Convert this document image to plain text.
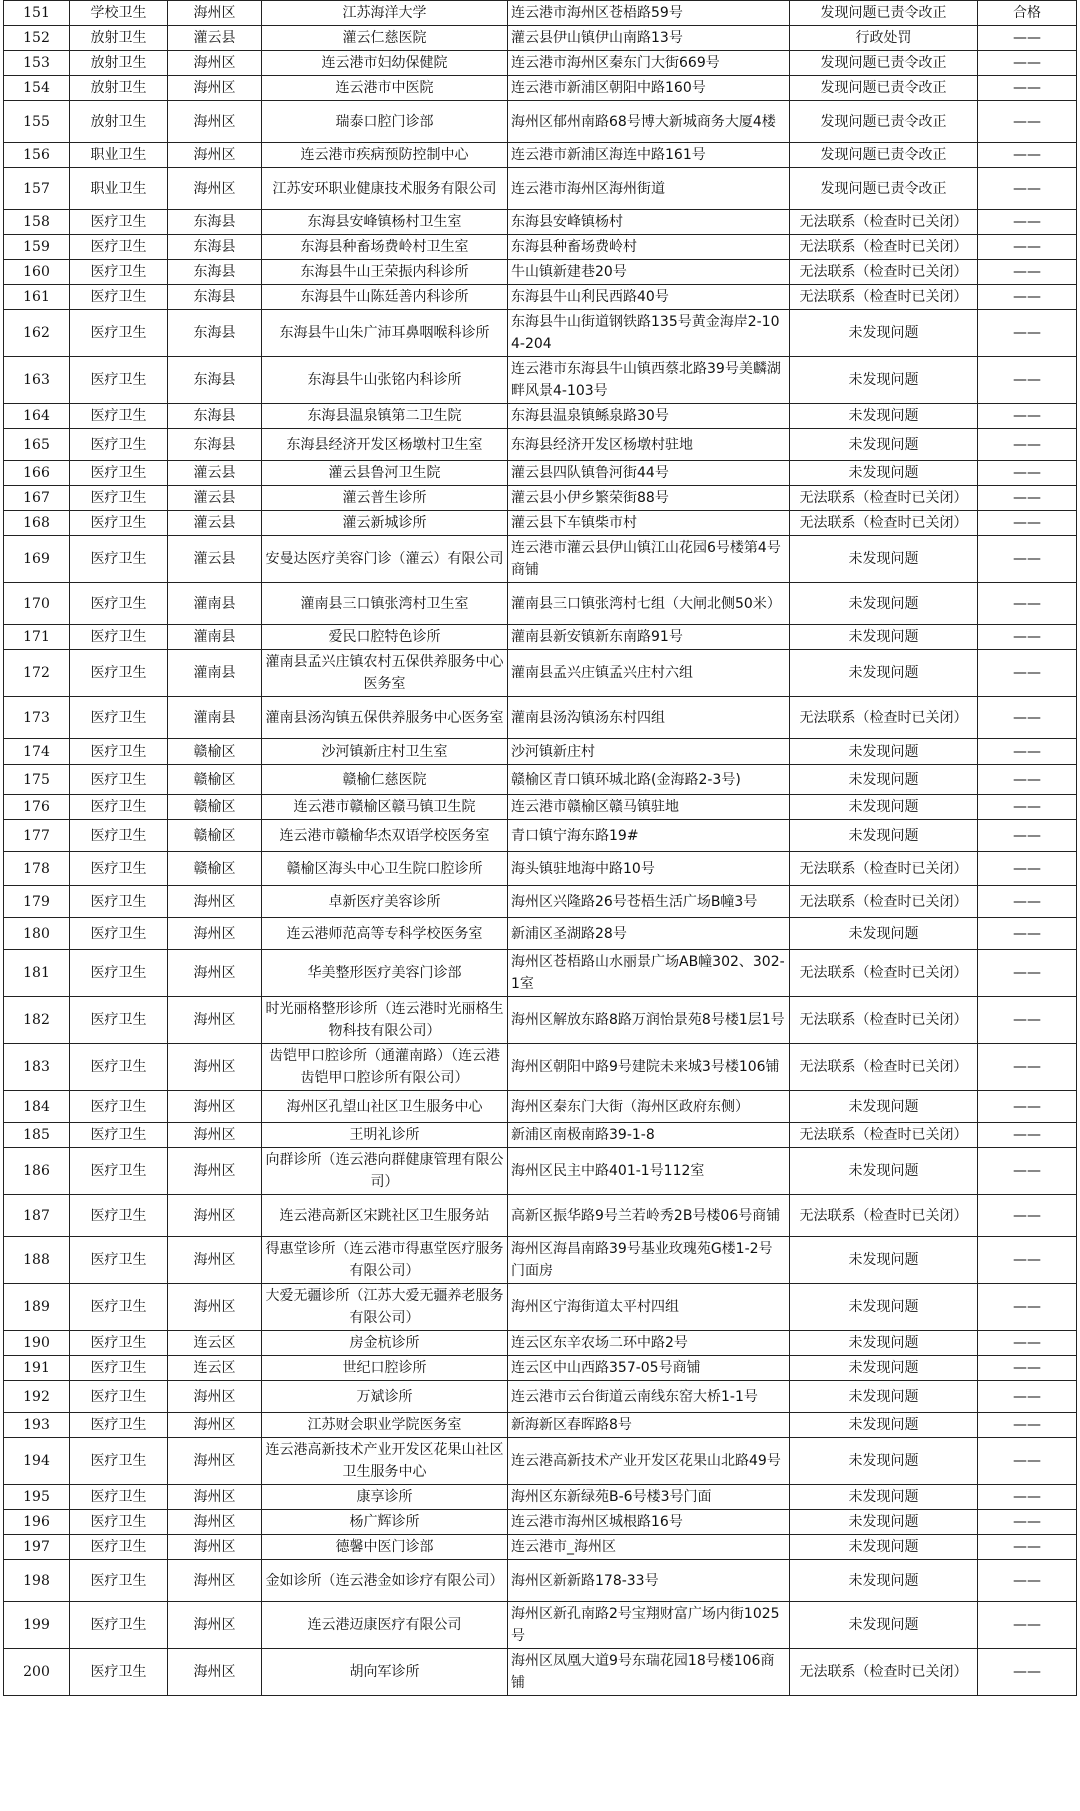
151	学校卫生	海州区	江苏海洋大学	连云港市海州区苍梧路59号	发现问题已责令改正	合格
152	放射卫生	灌云县	灌云仁慈医院	灌云县伊山镇伊山南路13号	行政处罚	——
153	放射卫生	海州区	连云港市妇幼保健院	连云港市海州区秦东门大街669号	发现问题已责令改正	——
154	放射卫生	海州区	连云港市中医院	连云港市新浦区朝阳中路160号	发现问题已责令改正	——
155	放射卫生	海州区	瑞泰口腔门诊部	海州区郁州南路68号博大新城商务大厦4楼	发现问题已责令改正	——
156	职业卫生	海州区	连云港市疾病预防控制中心	连云港市新浦区海连中路161号	发现问题已责令改正	——
157	职业卫生	海州区	江苏安环职业健康技术服务有限公司	连云港市海州区海州街道	发现问题已责令改正	——
158	医疗卫生	东海县	东海县安峰镇杨村卫生室	东海县安峰镇杨村	无法联系（检查时已关闭）	——
159	医疗卫生	东海县	东海县种畜场费岭村卫生室	东海县种畜场费岭村	无法联系（检查时已关闭）	——
160	医疗卫生	东海县	东海县牛山王荣振内科诊所	牛山镇新建巷20号	无法联系（检查时已关闭）	——
161	医疗卫生	东海县	东海县牛山陈廷善内科诊所	东海县牛山利民西路40号	无法联系（检查时已关闭）	——
162	医疗卫生	东海县	东海县牛山朱广沛耳鼻咽喉科诊所	东海县牛山街道钢铁路135号黄金海岸2-104-204	未发现问题	——
163	医疗卫生	东海县	东海县牛山张铭内科诊所	连云港市东海县牛山镇西蔡北路39号美麟湖畔风景4-103号	未发现问题	——
164	医疗卫生	东海县	东海县温泉镇第二卫生院	东海县温泉镇鲧泉路30号	未发现问题	——
165	医疗卫生	东海县	东海县经济开发区杨墩村卫生室	东海县经济开发区杨墩村驻地	未发现问题	——
166	医疗卫生	灌云县	灌云县鲁河卫生院	灌云县四队镇鲁河街44号	未发现问题	——
167	医疗卫生	灌云县	灌云普生诊所	灌云县小伊乡繁荣街88号	无法联系（检查时已关闭）	——
168	医疗卫生	灌云县	灌云新城诊所	灌云县下车镇柴市村	无法联系（检查时已关闭）	——
169	医疗卫生	灌云县	安曼达医疗美容门诊（灌云）有限公司	连云港市灌云县伊山镇江山花园6号楼第4号商铺	未发现问题	——
170	医疗卫生	灌南县	灌南县三口镇张湾村卫生室	灌南县三口镇张湾村七组（大闸北侧50米）	未发现问题	——
171	医疗卫生	灌南县	爱民口腔特色诊所	灌南县新安镇新东南路91号	未发现问题	——
172	医疗卫生	灌南县	灌南县孟兴庄镇农村五保供养服务中心医务室	灌南县孟兴庄镇孟兴庄村六组	未发现问题	——
173	医疗卫生	灌南县	灌南县汤沟镇五保供养服务中心医务室	灌南县汤沟镇汤东村四组	无法联系（检查时已关闭）	——
174	医疗卫生	赣榆区	沙河镇新庄村卫生室	沙河镇新庄村	未发现问题	——
175	医疗卫生	赣榆区	赣榆仁慈医院	赣榆区青口镇环城北路(金海路2-3号)	未发现问题	——
176	医疗卫生	赣榆区	连云港市赣榆区赣马镇卫生院	连云港市赣榆区赣马镇驻地	未发现问题	——
177	医疗卫生	赣榆区	连云港市赣榆华杰双语学校医务室	青口镇宁海东路19#	未发现问题	——
178	医疗卫生	赣榆区	赣榆区海头中心卫生院口腔诊所	海头镇驻地海中路10号	无法联系（检查时已关闭）	——
179	医疗卫生	海州区	卓新医疗美容诊所	海州区兴隆路26号苍梧生活广场B幢3号	无法联系（检查时已关闭）	——
180	医疗卫生	海州区	连云港师范高等专科学校医务室	新浦区圣湖路28号	未发现问题	——
181	医疗卫生	海州区	华美整形医疗美容门诊部	海州区苍梧路山水丽景广场AB幢302、302-1室	无法联系（检查时已关闭）	——
182	医疗卫生	海州区	时光丽格整形诊所（连云港时光丽格生物科技有限公司）	海州区解放东路8路万润怡景苑8号楼1层1号	无法联系（检查时已关闭）	——
183	医疗卫生	海州区	齿铠甲口腔诊所（通灌南路）（连云港齿铠甲口腔诊所有限公司）	海州区朝阳中路9号建院未来城3号楼106铺	无法联系（检查时已关闭）	——
184	医疗卫生	海州区	海州区孔望山社区卫生服务中心	海州区秦东门大街（海州区政府东侧）	未发现问题	——
185	医疗卫生	海州区	王明礼诊所	新浦区南极南路39-1-8	无法联系（检查时已关闭）	——
186	医疗卫生	海州区	向群诊所（连云港向群健康管理有限公司）	海州区民主中路401-1号112室	未发现问题	——
187	医疗卫生	海州区	连云港高新区宋跳社区卫生服务站	高新区振华路9号兰若岭秀2B号楼06号商铺	无法联系（检查时已关闭）	——
188	医疗卫生	海州区	得惠堂诊所（连云港市得惠堂医疗服务有限公司）	海州区海昌南路39号基业玫瑰苑G楼1-2号门面房	未发现问题	——
189	医疗卫生	海州区	大爱无疆诊所（江苏大爱无疆养老服务有限公司）	海州区宁海街道太平村四组	未发现问题	——
190	医疗卫生	连云区	房金杭诊所	连云区东辛农场二环中路2号	未发现问题	——
191	医疗卫生	连云区	世纪口腔诊所	连云区中山西路357-05号商铺	未发现问题	——
192	医疗卫生	海州区	万斌诊所	连云港市云台街道云南线东窑大桥1-1号	未发现问题	——
193	医疗卫生	海州区	江苏财会职业学院医务室	新海新区春晖路8号	未发现问题	——
194	医疗卫生	海州区	连云港高新技术产业开发区花果山社区卫生服务中心	连云港高新技术产业开发区花果山北路49号	未发现问题	——
195	医疗卫生	海州区	康享诊所	海州区东新绿苑B-6号楼3号门面	未发现问题	——
196	医疗卫生	海州区	杨广辉诊所	连云港市海州区城根路16号	未发现问题	——
197	医疗卫生	海州区	德馨中医门诊部	连云港市_海州区	未发现问题	——
198	医疗卫生	海州区	金如诊所（连云港金如诊疗有限公司）	海州区新新路178-33号	未发现问题	——
199	医疗卫生	海州区	连云港迈康医疗有限公司	海州区新孔南路2号宝翔财富广场内街1025号	未发现问题	——
200	医疗卫生	海州区	胡向军诊所	海州区凤凰大道9号东瑞花园18号楼106商铺	无法联系（检查时已关闭）	——
